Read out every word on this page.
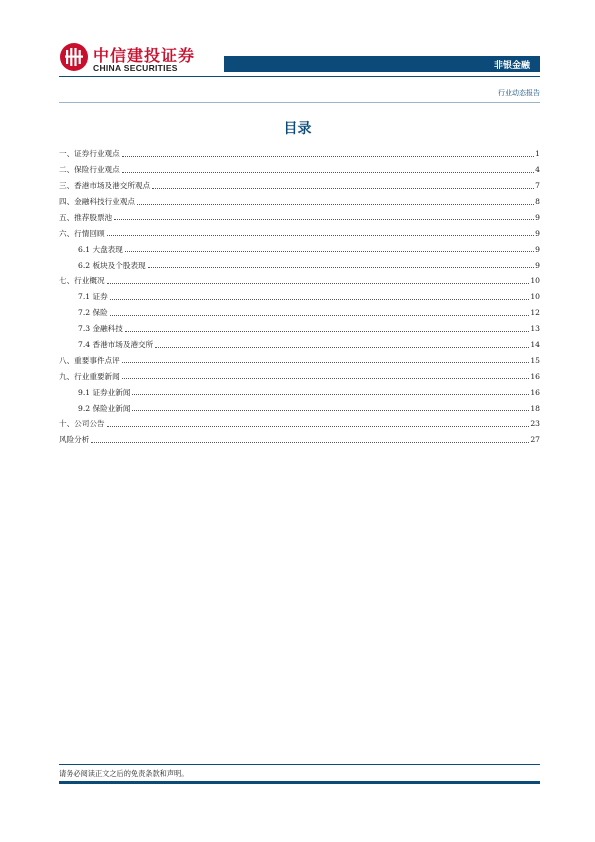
中信建投证券
CHINA SECURITIES	非银金融
行业动态报告
目录
一、证券行业观点	1
二、保险行业观点	4
三、香港市场及港交所观点	7
四、金融科技行业观点	8
五、推荐股票池	9
六、行情回顾	9
6.1 大盘表现	9
6.2 板块及个股表现	9
七、行业概况	10
7.1 证券	10
7.2 保险	12
7.3 金融科技	13
7.4 香港市场及港交所	14
八、重要事件点评	15
九、行业重要新闻	16
9.1 证券业新闻	16
9.2 保险业新闻	18
十、公司公告	23
风险分析	27
请务必阅读正文之后的免责条款和声明。
